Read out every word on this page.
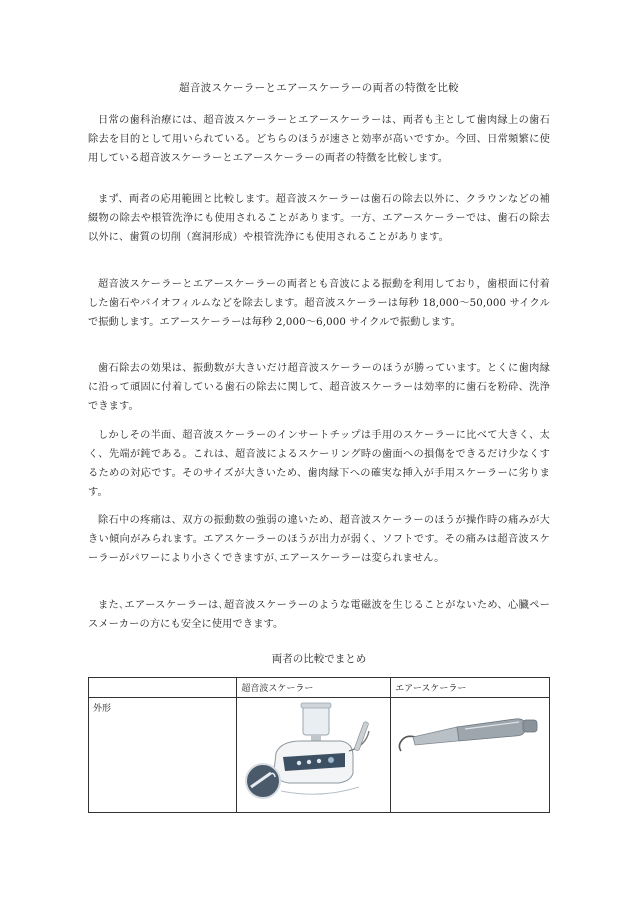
超音波スケーラーとエアースケーラーの両者の特徴を比較

日常の歯科治療には、超音波スケーラーとエアースケーラーは、両者も主として歯肉縁上の歯石除去を目的として用いられている。どちらのほうが速さと効率が高いですか。今回、日常頻繁に使用している超音波スケーラーとエアースケーラーの両者の特徴を比較します。

まず、両者の応用範囲と比較します。超音波スケーラーは歯石の除去以外に、クラウンなどの補綴物の除去や根管洗浄にも使用されることがあります。一方、エアースケーラーでは、歯石の除去以外に、歯質の切削（窩洞形成）や根管洗浄にも使用されることがあります。

超音波スケーラーとエアースケーラーの両者とも音波による振動を利用しており，歯根面に付着した歯石やバイオフィルムなどを除去します。超音波スケーラーは毎秒 18,000～50,000 サイクルで振動します。エアースケーラーは毎秒 2,000～6,000 サイクルで振動します。

歯石除去の効果は、振動数が大きいだけ超音波スケーラーのほうが勝っています。とくに歯肉縁に沿って頑固に付着している歯石の除去に関して、超音波スケーラーは効率的に歯石を粉砕、洗浄できます。

しかしその半面、超音波スケーラーのインサートチップは手用のスケーラーに比べて大きく、太く、先端が鈍である。これは、超音波によるスケーリング時の歯面への損傷をできるだけ少なくするための対応です。そのサイズが大きいため、歯肉縁下への確実な挿入が手用スケーラーに劣ります。

除石中の疼痛は、双方の振動数の強弱の違いため、超音波スケーラーのほうが操作時の痛みが大きい傾向がみられます。エアスケーラーのほうが出力が弱く、ソフトです。その痛みは超音波スケーラーがパワーにより小さくできますが､エアースケーラーは変られません。

また､エアースケーラーは､超音波スケーラーのような電磁波を生じることがないため、心臓ペースメーカーの方にも安全に使用できます。

両者の比較でまとめ
	超音波スケーラー	エアースケーラー
外形	
